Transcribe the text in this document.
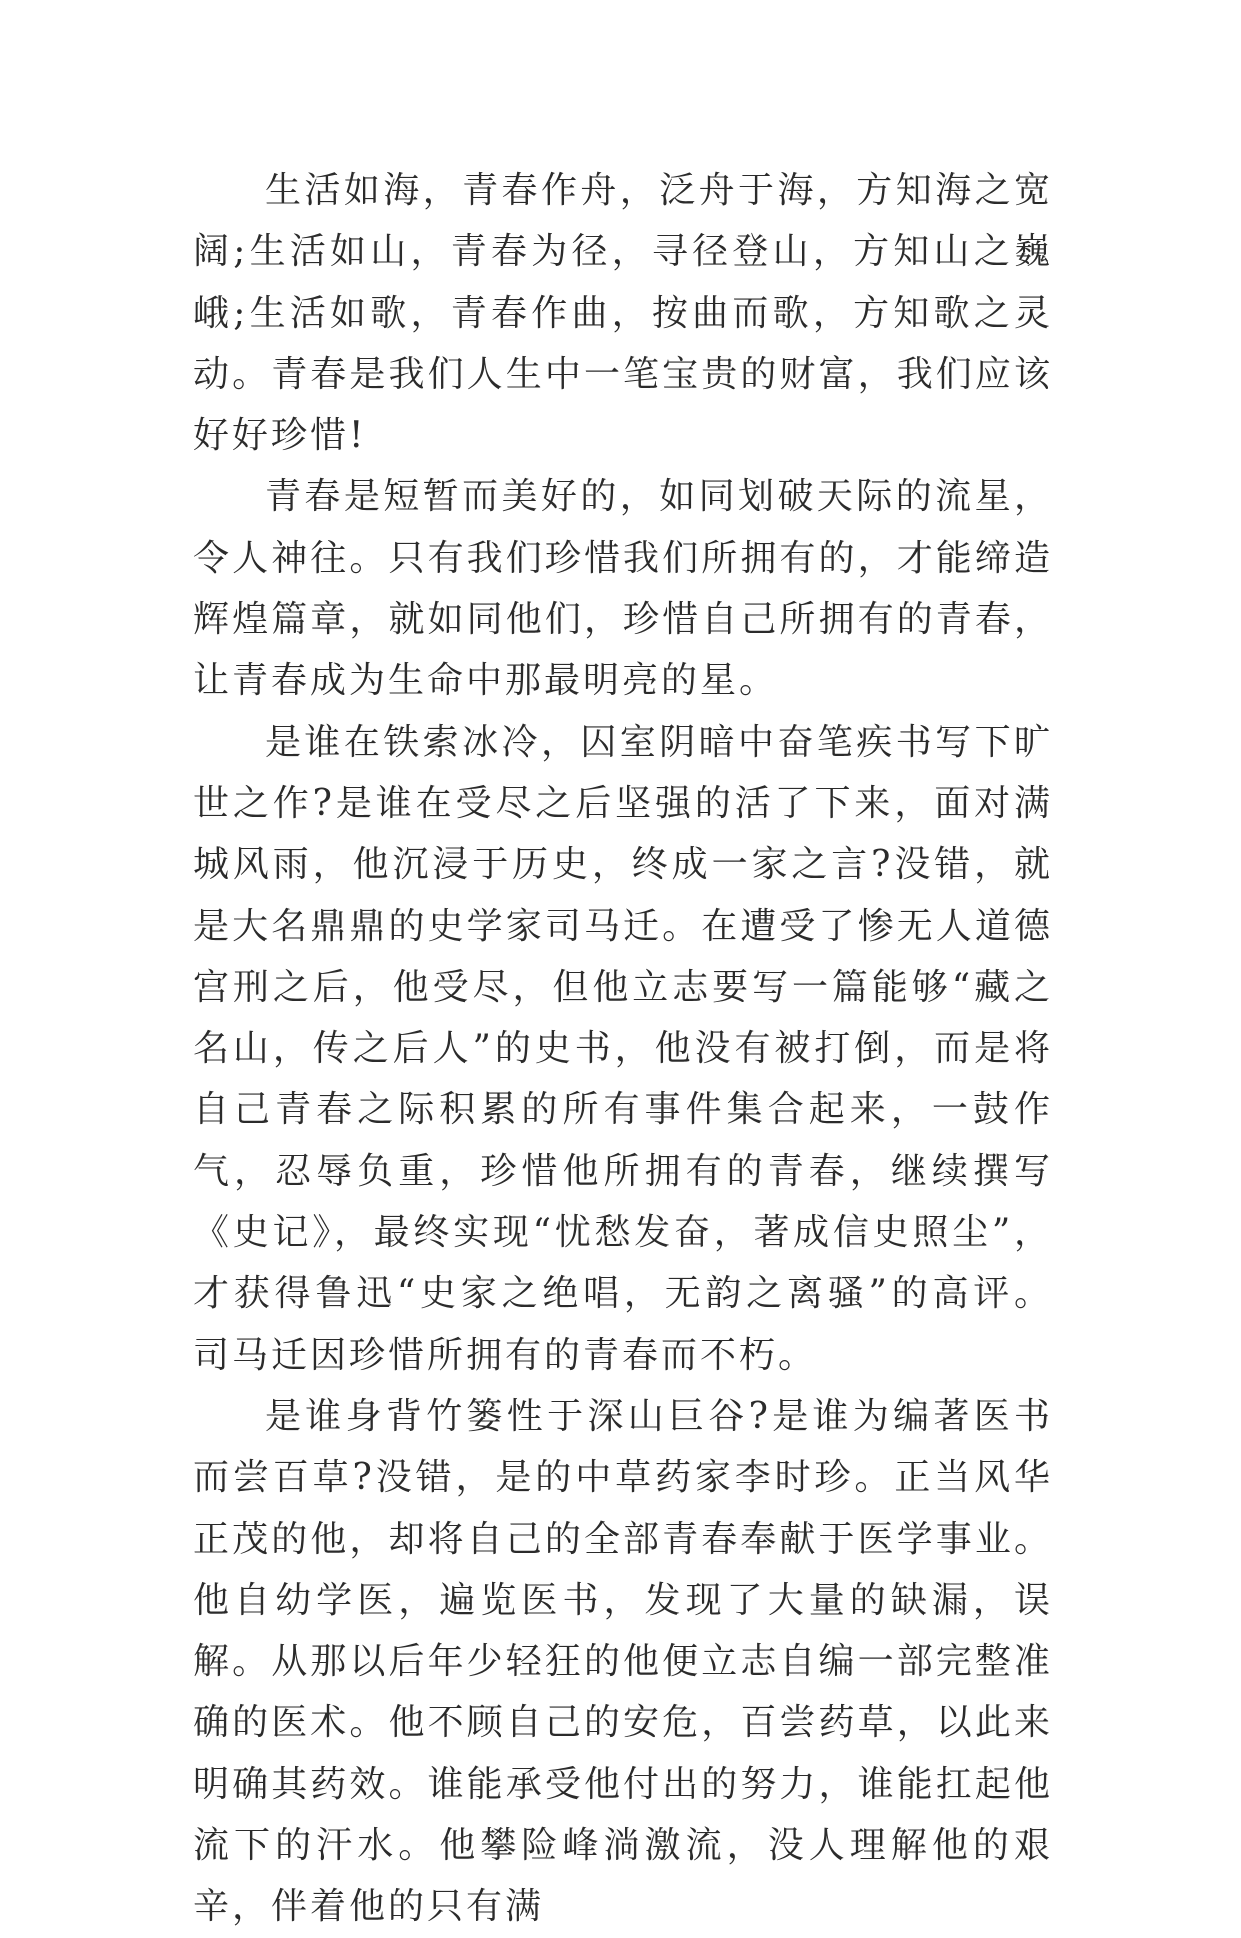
生活如海，青春作舟，泛舟于海，方知海之宽阔;生活如山，青春为径，寻径登山，方知山之巍峨;生活如歌，青春作曲，按曲而歌，方知歌之灵动。青春是我们人生中一笔宝贵的财富，我们应该好好珍惜!

青春是短暂而美好的，如同划破天际的流星，令人神往。只有我们珍惜我们所拥有的，才能缔造辉煌篇章，就如同他们，珍惜自己所拥有的青春，让青春成为生命中那最明亮的星。

是谁在铁索冰冷，囚室阴暗中奋笔疾书写下旷世之作?是谁在受尽之后坚强的活了下来，面对满城风雨，他沉浸于历史，终成一家之言?没错，就是大名鼎鼎的史学家司马迁。在遭受了惨无人道德宫刑之后，他受尽，但他立志要写一篇能够“藏之名山，传之后人”的史书，他没有被打倒，而是将自己青春之际积累的所有事件集合起来，一鼓作气，忍辱负重，珍惜他所拥有的青春，继续撰写《史记》，最终实现“忧愁发奋，著成信史照尘”，才获得鲁迅“史家之绝唱，无韵之离骚”的高评。司马迁因珍惜所拥有的青春而不朽。

是谁身背竹篓性于深山巨谷?是谁为编著医书而尝百草?没错，是的中草药家李时珍。正当风华正茂的他，却将自己的全部青春奉献于医学事业。他自幼学医，遍览医书，发现了大量的缺漏，误解。从那以后年少轻狂的他便立志自编一部完整准确的医术。他不顾自己的安危，百尝药草，以此来明确其药效。谁能承受他付出的努力，谁能扛起他流下的汗水。他攀险峰淌激流，没人理解他的艰辛，伴着他的只有满
